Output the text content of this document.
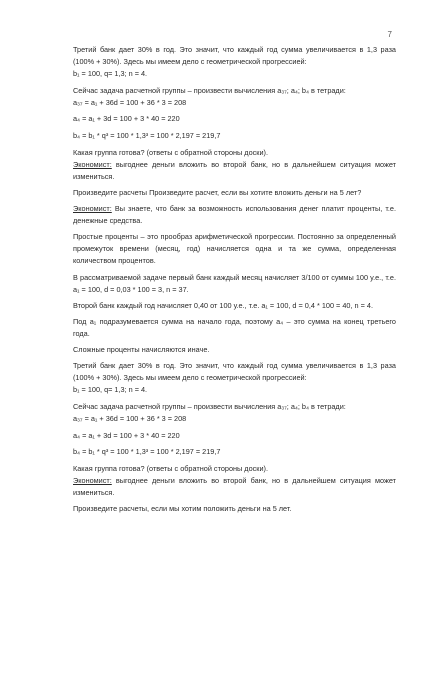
7

Третий банк дает 30% в год. Это значит, что каждый год сумма увеличивается в 1,3 раза (100% + 30%). Здесь мы имеем дело с геометрической прогрессией:

b₁ = 100, q= 1,3; n = 4.

Сейчас задача расчетной группы – произвести вычисления a₃₇; a₄; b₄ в тетради:

a₃₇ = a₁ + 36d = 100 + 36 * 3 = 208

a₄ = a₁ + 3d = 100 + 3 * 40 = 220

b₄ = b₁ * q³ = 100 * 1,3³ = 100 * 2,197 = 219,7

Какая группа готова? (ответы с обратной стороны доски).

Экономист: выгоднее деньги вложить во второй банк, но в дальнейшем ситуация может измениться.

Произведите расчеты Произведите расчет, если вы хотите вложить деньги на 5 лет?

Экономист: Вы знаете, что банк за возможность использования денег платит проценты, т.е. денежные средства.

Простые проценты – это прообраз арифметической прогрессии. Постоянно за определенный промежуток времени (месяц, год) начисляется одна и та же сумма, определенная количеством процентов.

В рассматриваемой задаче первый банк каждый месяц начисляет 3/100 от суммы 100 у.е., т.е. a₁ = 100, d = 0,03 * 100 = 3, n = 37.

Второй банк каждый год начисляет 0,40 от 100 у.е., т.е. a₁ = 100, d = 0,4 * 100 = 40, n = 4.

Под a₁ подразумевается сумма на начало года, поэтому a₄ – это сумма на конец третьего года.

Сложные проценты начисляются иначе.

Третий банк дает 30% в год. Это значит, что каждый год сумма увеличивается в 1,3 раза (100% + 30%). Здесь мы имеем дело с геометрической прогрессией:

b₁ = 100, q= 1,3; n = 4.

Сейчас задача расчетной группы – произвести вычисления a₃₇; a₄; b₄ в тетради:

a₃₇ = a₁ + 36d = 100 + 36 * 3 = 208

a₄ = a₁ + 3d = 100 + 3 * 40 = 220

b₄ = b₁ * q³ = 100 * 1,3³ = 100 * 2,197 = 219,7

Какая группа готова? (ответы с обратной стороны доски).

Экономист: выгоднее деньги вложить во второй банк, но в дальнейшем ситуация может измениться.

Произведите расчеты, если мы хотим положить деньги на 5 лет.
